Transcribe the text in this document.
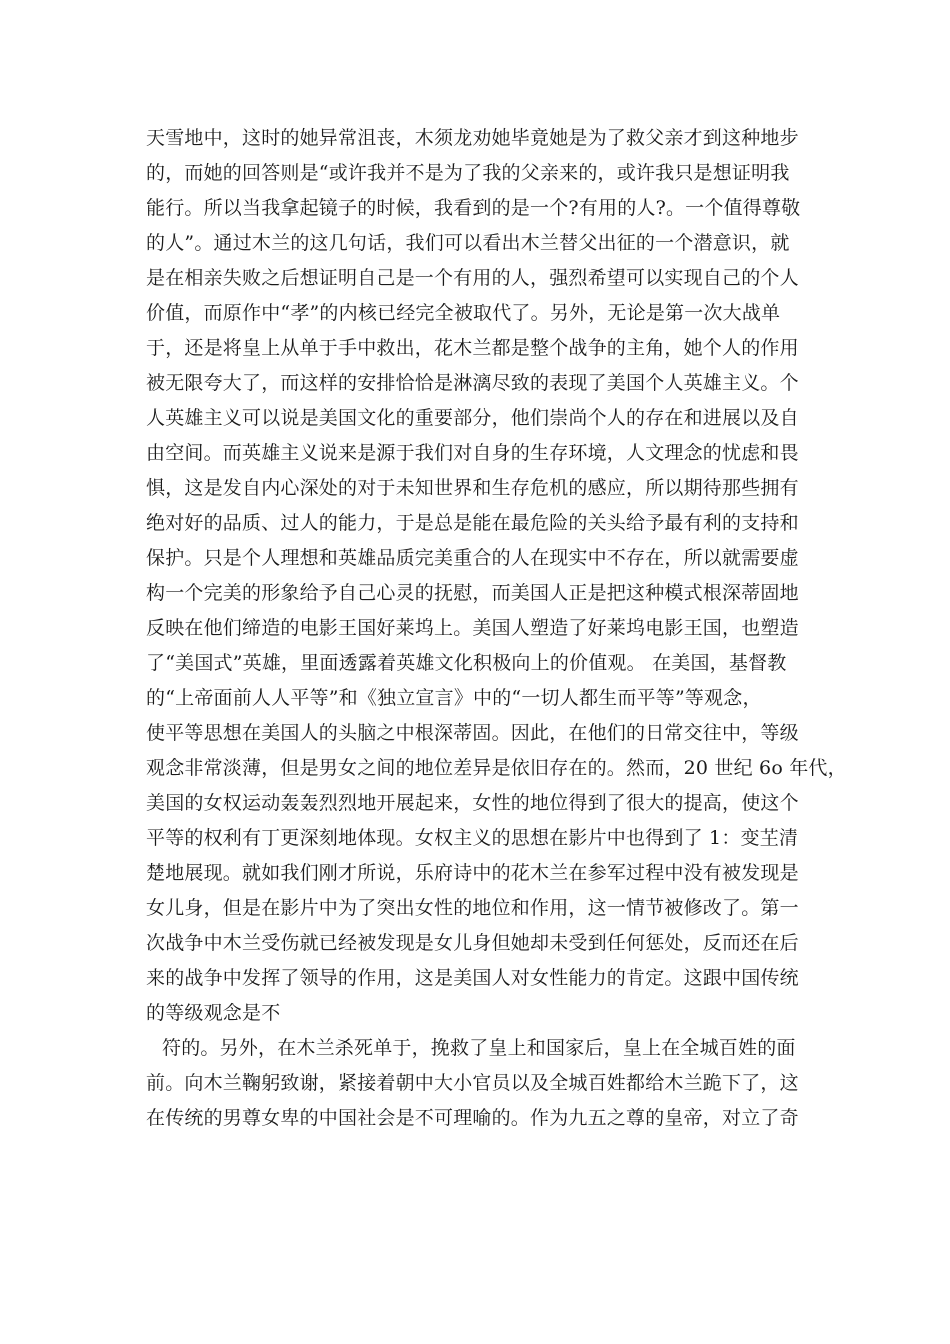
天雪地中，这时的她异常沮丧，木须龙劝她毕竟她是为了救父亲才到这种地步
的，而她的回答则是“或许我并不是为了我的父亲来的，或许我只是想证明我
能行。所以当我拿起镜子的时候，我看到的是一个?有用的人?。一个值得尊敬
的人”。通过木兰的这几句话，我们可以看出木兰替父出征的一个潜意识，就
是在相亲失败之后想证明自己是一个有用的人，强烈希望可以实现自己的个人
价值，而原作中“孝”的内核已经完全被取代了。另外，无论是第一次大战单
于，还是将皇上从单于手中救出，花木兰都是整个战争的主角，她个人的作用
被无限夸大了，而这样的安排恰恰是淋漓尽致的表现了美国个人英雄主义。个
人英雄主义可以说是美国文化的重要部分，他们崇尚个人的存在和进展以及自
由空间。而英雄主义说来是源于我们对自身的生存环境，人文理念的忧虑和畏
惧，这是发自内心深处的对于未知世界和生存危机的感应，所以期待那些拥有
绝对好的品质、过人的能力，于是总是能在最危险的关头给予最有利的支持和
保护。只是个人理想和英雄品质完美重合的人在现实中不存在，所以就需要虚
构一个完美的形象给予自己心灵的抚慰，而美国人正是把这种模式根深蒂固地
反映在他们缔造的电影王国好莱坞上。美国人塑造了好莱坞电影王国，也塑造
了“美国式”英雄，里面透露着英雄文化积极向上的价值观。 在美国，基督教
的“上帝面前人人平等”和《独立宣言》中的“一切人都生而平等”等观念，
使平等思想在美国人的头脑之中根深蒂固。因此，在他们的日常交往中，等级
观念非常淡薄，但是男女之间的地位差异是依旧存在的。然而，20 世纪 6o 年代，
美国的女权运动轰轰烈烈地开展起来，女性的地位得到了很大的提高，使这个
平等的权利有丁更深刻地体现。女权主义的思想在影片中也得到了 1：变芏清
楚地展现。就如我们刚才所说，乐府诗中的花木兰在参军过程中没有被发现是
女儿身，但是在影片中为了突出女性的地位和作用，这一情节被修改了。第一
次战争中木兰受伤就已经被发现是女儿身但她却未受到任何惩处，反而还在后
来的战争中发挥了领导的作用，这是美国人对女性能力的肯定。这跟中国传统
的等级观念是不
符的。另外，在木兰杀死单于，挽救了皇上和国家后，皇上在全城百姓的面
前。向木兰鞠躬致谢，紧接着朝中大小官员以及全城百姓都给木兰跪下了，这
在传统的男尊女卑的中国社会是不可理喻的。作为九五之尊的皇帝，对立了奇
